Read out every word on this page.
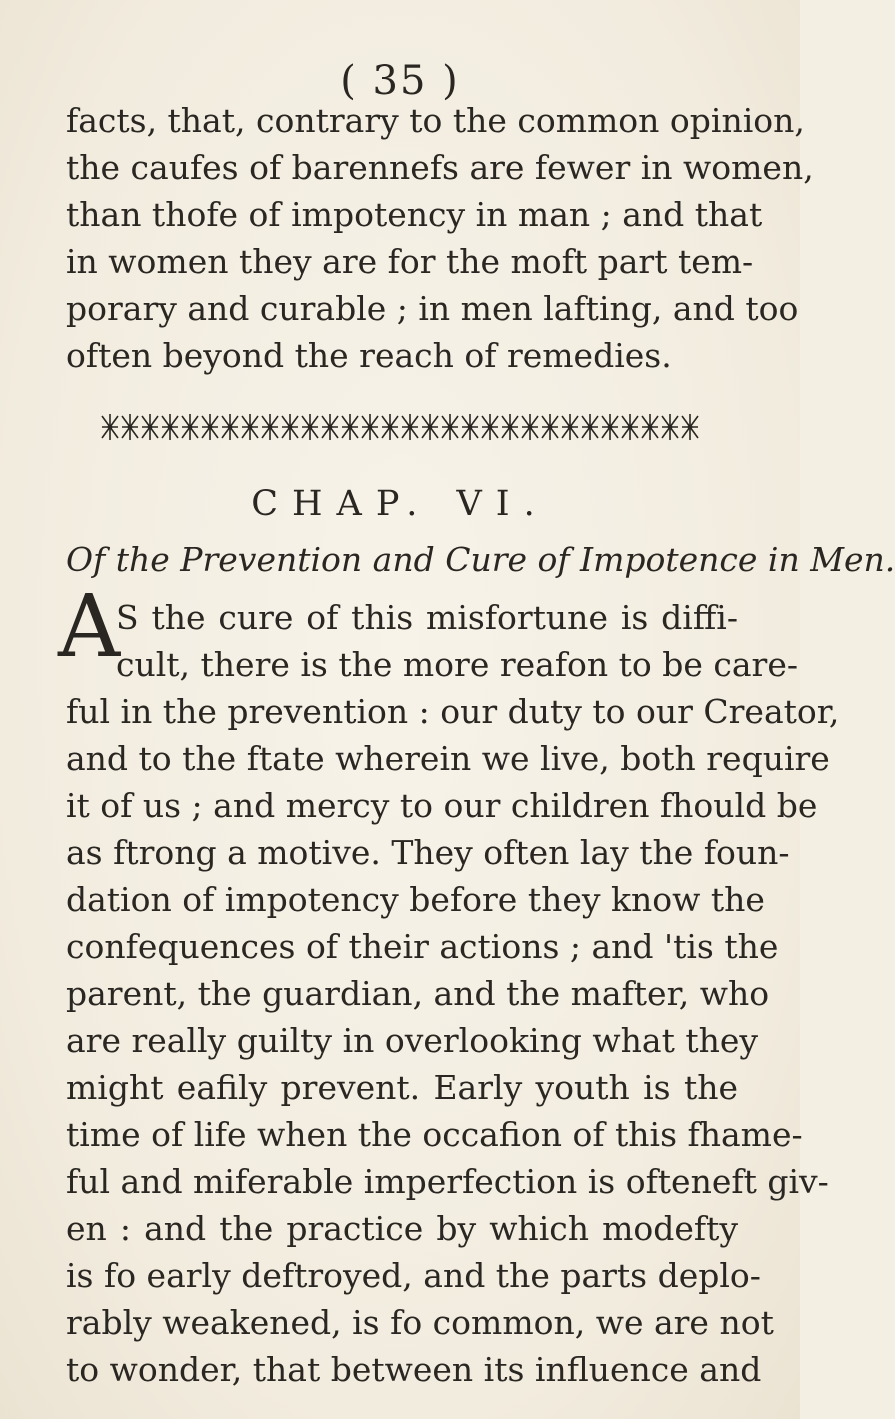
( 35 )
facts, that, contrary to the common opinion,
the caufes of barennefs are fewer in women,
than thofe of impotency in man ; and that
in women they are for the moft part tem-
porary and curable ; in men lafting, and too
often beyond the reach of remedies.
CHAP. VI.
Of the Prevention and Cure of Impotence in Men.
A
S the cure of this misfortune is diffi-
cult, there is the more reafon to be care-
ful in the prevention : our duty to our Creator,
and to the ftate wherein we live, both require
it of us ; and mercy to our children fhould be
as ftrong a motive. They often lay the foun-
dation of impotency before they know the
confequences of their actions ; and 'tis the
parent, the guardian, and the mafter, who
are really guilty in overlooking what they
might eafily prevent. Early youth is the
time of life when the occafion of this fhame-
ful and miferable imperfection is ofteneft giv-
en : and the practice by which modefty
is fo early deftroyed, and the parts deplo-
rably weakened, is fo common, we are not
to wonder, that between its influence and
